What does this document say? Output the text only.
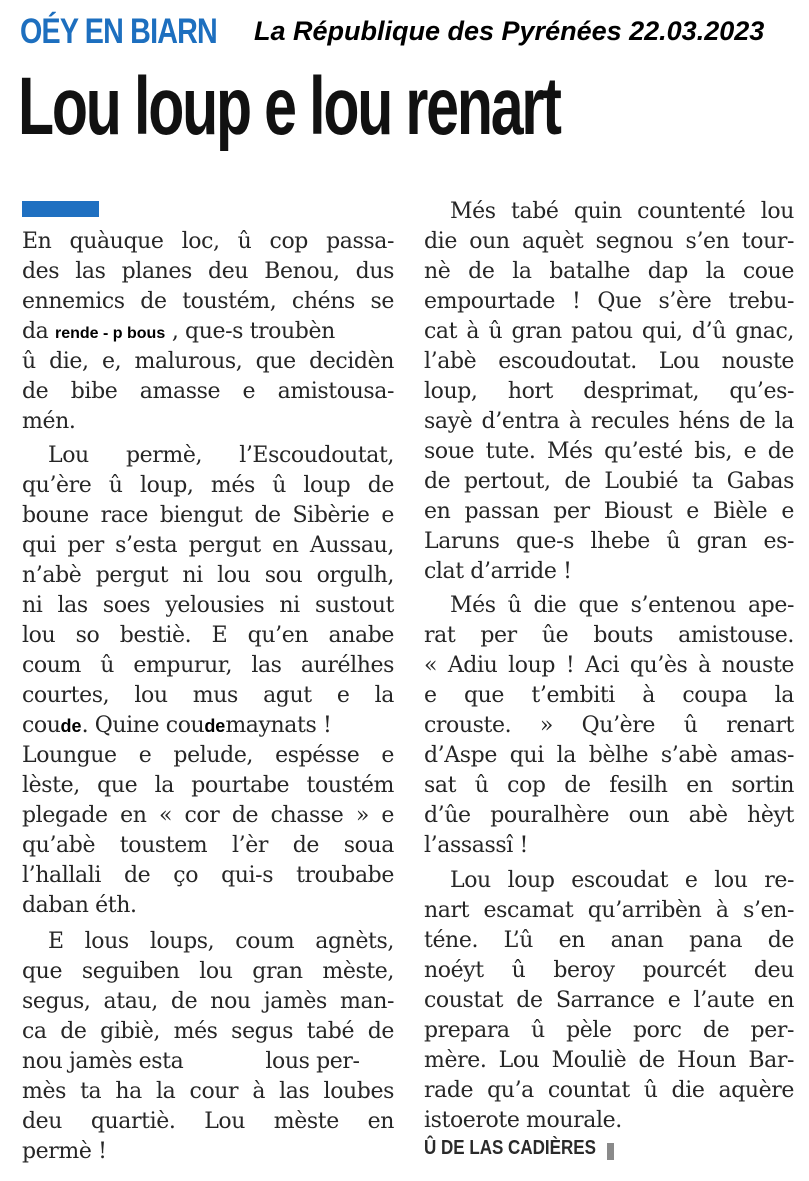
OÉY EN BIARN La République des Pyrénées 22.03.2023
Lou loup e lou renart
En quàuque loc, û cop passa-
des las planes deu Benou, dus
ennemics de toustém, chéns se
da rende - p bous , que-s troubèn
û die, e, malurous, que decidèn
de bibe amasse e amistousa-
mén.
Lou permè, l’Escoudoutat,
qu’ère û loup, més û loup de
boune race biengut de Sibèrie e
qui per s’esta pergut en Aussau,
n’abè pergut ni lou sou orgulh,
ni las soes yelousies ni sustout
lou so bestiè. E qu’en anabe
coum û empurur, las aurélhes
courtes, lou mus agut e la
coude. Quine coudemaynats !
Loungue e pelude, espésse e
lèste, que la pourtabe toustém
plegade en « cor de chasse » e
qu’abè toustem l’èr de soua
l’hallali de ço qui-s troubabe
daban éth.
E lous loups, coum agnèts,
que seguiben lou gran mèste,
segus, atau, de nou jamès man-
ca de gibiè, més segus tabé de
nou jamès esta	lous per-
mès ta ha la cour à las loubes
deu quartiè. Lou mèste en
permè !
Més tabé quin countenté lou
die oun aquèt segnou s’en tour-
nè de la batalhe dap la coue
empourtade ! Que s’ère trebu-
cat à û gran patou qui, d’û gnac,
l’abè escoudoutat. Lou nouste
loup, hort desprimat, qu’es-
sayè d’entra à recules héns de la
soue tute. Més qu’esté bis, e de
de pertout, de Loubié ta Gabas
en passan per Bioust e Bièle e
Laruns que-s lhebe û gran es-
clat d’arride !
Més û die que s’entenou ape-
rat per ûe bouts amistouse.
« Adiu loup ! Aci qu’ès à nouste
e que t’embiti à coupa la
crouste. » Qu’ère û renart
d’Aspe qui la bèlhe s’abè amas-
sat û cop de fesilh en sortin
d’ûe pouralhère oun abè hèyt
l’assassî !
Lou loup escoudat e lou re-
nart escamat qu’arribèn à s’en-
téne. L’û en anan pana de
noéyt û beroy pourcét deu
coustat de Sarrance e l’aute en
prepara û pèle porc de per-
mère. Lou Mouliè de Houn Bar-
rade qu’a countat û die aquère
istoerote mourale.
Û DE LAS CADIÈRES
